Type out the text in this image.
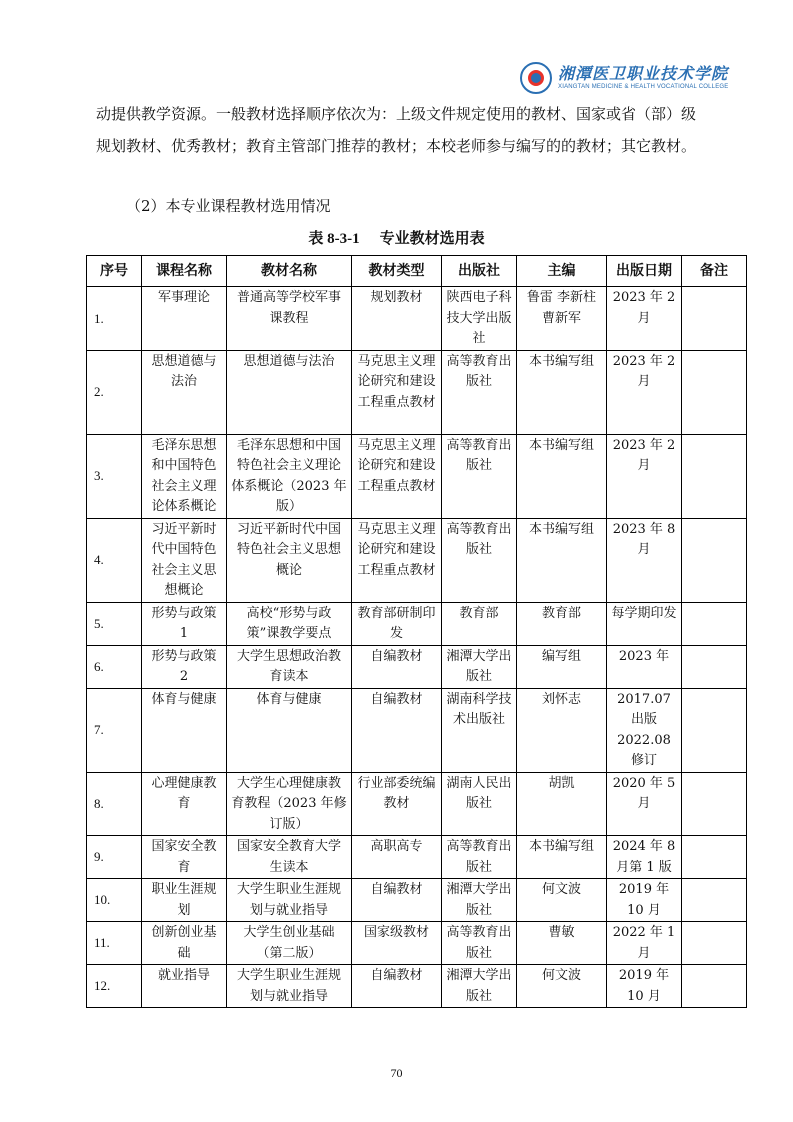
湘潭医卫职业技术学院
XIANGTAN MEDICINE & HEALTH VOCATIONAL COLLEGE

动提供教学资源。一般教材选择顺序依次为：上级文件规定使用的教材、国家或省（部）级规划教材、优秀教材；教育主管部门推荐的教材；本校老师参与编写的的教材；其它教材。

（2）本专业课程教材选用情况

表 8-3-1 专业教材选用表
序号	课程名称	教材名称	教材类型	出版社	主编	出版日期	备注
1.	军事理论	普通高等学校军事课教程	规划教材	陕西电子科技大学出版社	鲁雷 李新柱曹新军	2023 年 2 月	
2.	思想道德与法治	思想道德与法治	马克思主义理论研究和建设工程重点教材	高等教育出版社	本书编写组	2023 年 2 月	
3.	毛泽东思想和中国特色社会主义理论体系概论	毛泽东思想和中国特色社会主义理论体系概论（2023 年版）	马克思主义理论研究和建设工程重点教材	高等教育出版社	本书编写组	2023 年 2 月	
4.	习近平新时代中国特色社会主义思想概论	习近平新时代中国特色社会主义思想概论	马克思主义理论研究和建设工程重点教材	高等教育出版社	本书编写组	2023 年 8 月	
5.	形势与政策 1	高校“形势与政策”课教学要点	教育部研制印发	教育部	教育部	每学期印发	
6.	形势与政策 2	大学生思想政治教育读本	自编教材	湘潭大学出版社	编写组	2023 年	
7.	体育与健康	体育与健康	自编教材	湖南科学技术出版社	刘怀志	2017.07 出版 2022.08 修订	
8.	心理健康教育	大学生心理健康教育教程（2023 年修订版）	行业部委统编教材	湖南人民出版社	胡凯	2020 年 5 月	
9.	国家安全教育	国家安全教育大学生读本	高职高专	高等教育出版社	本书编写组	2024 年 8 月第 1 版	
10.	职业生涯规划	大学生职业生涯规划与就业指导	自编教材	湘潭大学出版社	何文波	2019 年 10 月	
11.	创新创业基础	大学生创业基础（第二版）	国家级教材	高等教育出版社	曹敏	2022 年 1 月	
12.	就业指导	大学生职业生涯规划与就业指导	自编教材	湘潭大学出版社	何文波	2019 年 10 月	
70
